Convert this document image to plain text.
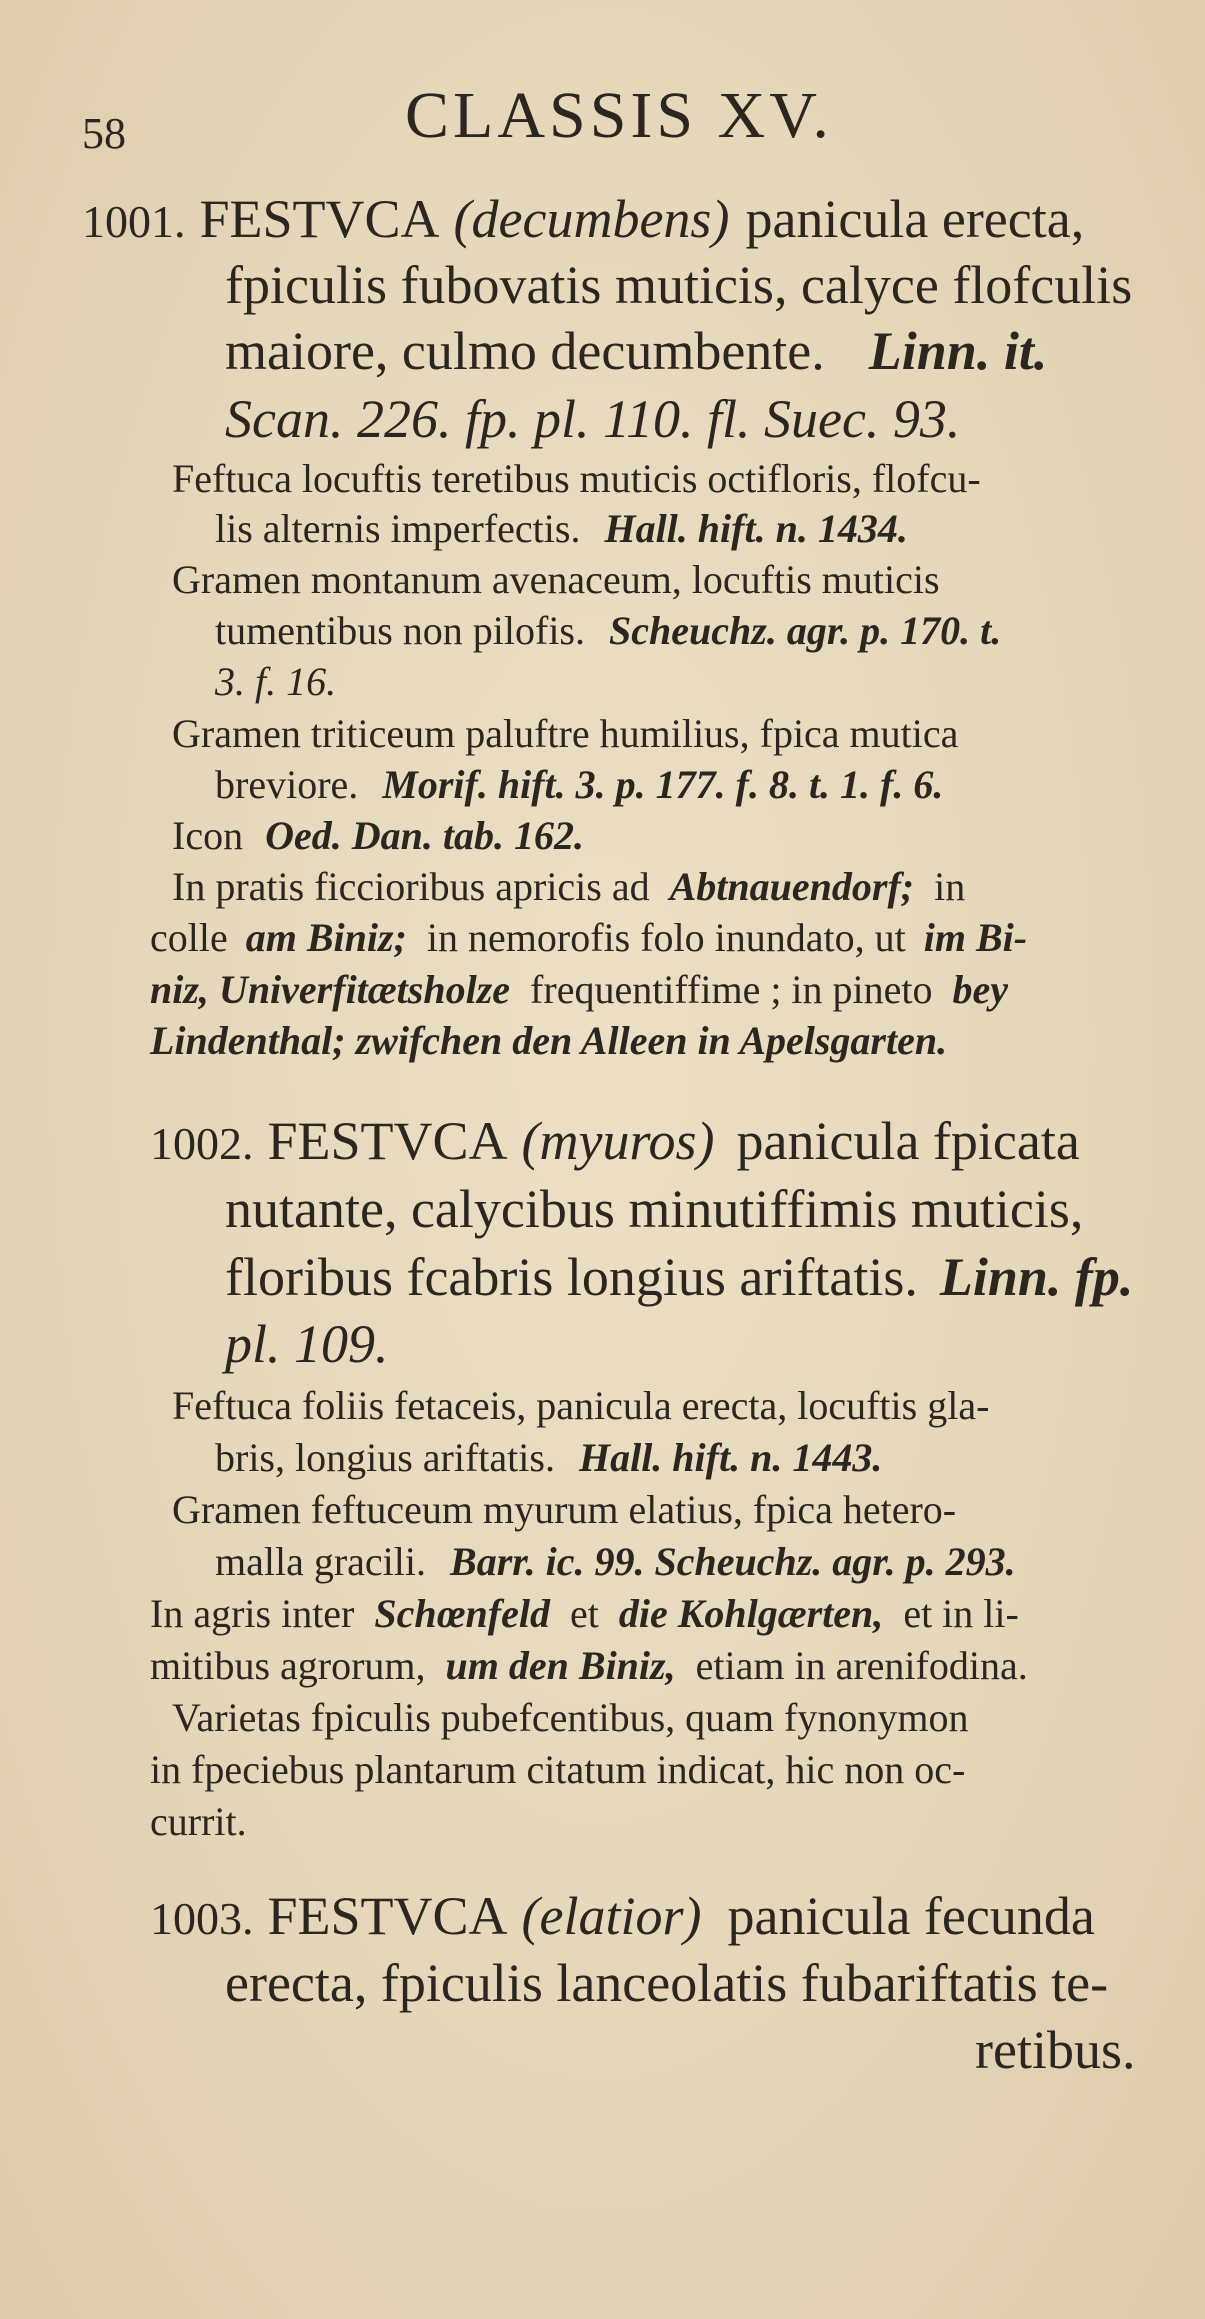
58	CLASSIS XV.
1001. FESTVCA (decumbens) panicula erecta,
fpiculis fubovatis muticis, calyce flofculis
maiore, culmo decumbente. Linn. it.
Scan. 226. fp. pl. 110. fl. Suec. 93.
Feftuca locuftis teretibus muticis octifloris, flofcu-
lis alternis imperfectis. Hall. hift. n. 1434.
Gramen montanum avenaceum, locuftis muticis
tumentibus non pilofis. Scheuchz. agr. p. 170. t.
3. f. 16.
Gramen triticeum paluftre humilius, fpica mutica
breviore. Morif. hift. 3. p. 177. f. 8. t. 1. f. 6.
Icon Oed. Dan. tab. 162.
In pratis ficcioribus apricis ad Abtnauendorf; in
colle am Biniz; in nemorofis folo inundato, ut im Bi-
niz, Univerfitætsholze frequentiffime ; in pineto bey
Lindenthal; zwifchen den Alleen in Apelsgarten.
1002. FESTVCA (myuros) panicula fpicata
nutante, calycibus minutiffimis muticis,
floribus fcabris longius ariftatis. Linn. fp.
pl. 109.
Feftuca foliis fetaceis, panicula erecta, locuftis gla-
bris, longius ariftatis. Hall. hift. n. 1443.
Gramen feftuceum myurum elatius, fpica hetero-
malla gracili. Barr. ic. 99. Scheuchz. agr. p. 293.
In agris inter Schœnfeld et die Kohlgærten, et in li-
mitibus agrorum, um den Biniz, etiam in arenifodina.
Varietas fpiculis pubefcentibus, quam fynonymon
in fpeciebus plantarum citatum indicat, hic non oc-
currit.
1003. FESTVCA (elatior) panicula fecunda
erecta, fpiculis lanceolatis fubariftatis te-
retibus.
